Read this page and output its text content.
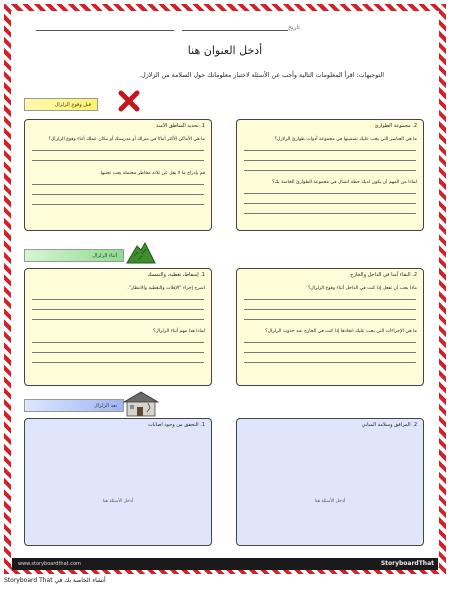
تاريخ
أدخل العنوان هنا
التوجيهات: اقرأ المعلومات التالية وأجب عن الأسئلة لاختبار معلوماتك حول السلامة من الزلازل.
قبل وقوع الزلزال
1. تحديد المناطق الآمنة
ما هي الأماكن الأكثر أمانًا في منزلك أو مدرستك أو مكان عملك أثناء وقوع الزلزال؟
قم بإدراج ما لا يقل عن ثلاثة مخاطر محتملة يجب تجنبها.
2. مجموعة الطوارئ
ما هي العناصر التي يجب عليك تضمينها في مجموعة أدوات طوارئ الزلازل؟
لماذا من المهم أن يكون لديك خطة اتصال في مجموعة الطوارئ الخاصة بك؟
أثناء الزلزال
1. إسقاط، تغطية، والتمسك
اشرح إجراء "الإفلات والتغطية والانتظار".
لماذا هذا مهم أثناء الزلزال؟
2. البقاء آمنا في الداخل والخارج
ماذا يجب أن تفعل إذا كنت في الداخل أثناء وقوع الزلزال؟
ما هي الإجراءات التي يجب عليك اتخاذها إذا كنت في الخارج عند حدوث الزلزال؟
بعد الزلزال
1. التحقق من وجود اصابات
أدخل الأسئلة هنا
2. المرافق وسلامة المباني
أدخل الأسئلة هنا
www.storyboardthat.com	StoryboardThat
Storyboard That أنشاء الخاصة بك في
